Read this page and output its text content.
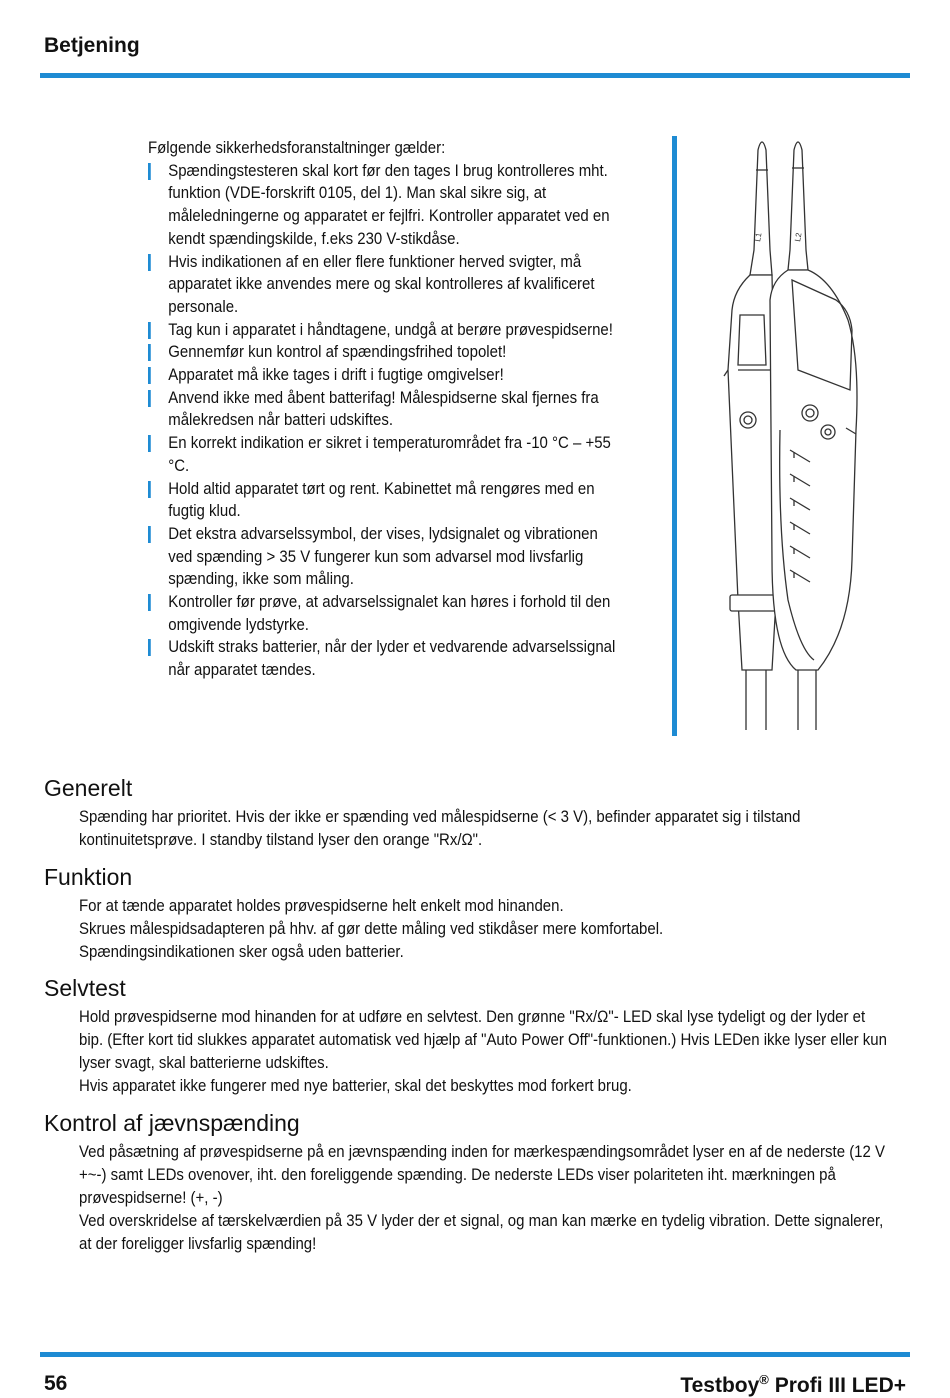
Betjening

Følgende sikkerhedsforanstaltninger gælder:

Spændingstesteren skal kort før den tages I brug kontrolleres mht. funktion (VDE-forskrift 0105, del 1). Man skal sikre sig, at måleledningerne og apparatet er fejlfri. Kontroller apparatet ved en kendt spændingskilde, f.eks 230 V-stikdåse.
Hvis indikationen af en eller flere funktioner herved svigter, må apparatet ikke anvendes mere og skal kontrolleres af kvalificeret personale.
Tag kun i apparatet i håndtagene, undgå at berøre prøvespidserne!
Gennemfør kun kontrol af spændingsfrihed topolet!
Apparatet må ikke tages i drift i fugtige omgivelser!
Anvend ikke med åbent batterifag! Målespidserne skal fjernes fra målekredsen når batteri udskiftes.
En korrekt indikation er sikret i temperaturområdet fra -10 °C – +55 °C.
Hold altid apparatet tørt og rent. Kabinettet må rengøres med en fugtig klud.
Det ekstra advarselssymbol, der vises, lydsignalet og vibrationen ved spænding > 35 V fungerer kun som advarsel mod livsfarlig spænding, ikke som måling.
Kontroller før prøve, at advarselssignalet kan høres i forhold til den omgivende lydstyrke.
Udskift straks batterier, når der lyder et vedvarende advarselssignal når apparatet tændes.
L1	L2
Generelt

Spænding har prioritet. Hvis der ikke er spænding ved målespidserne (< 3 V), befinder apparatet sig i tilstand kontinuitetsprøve. I standby tilstand lyser den orange "Rx/Ω".

Funktion

For at tænde apparatet holdes prøvespidserne helt enkelt mod hinanden.

Skrues målespidsadapteren på hhv. af gør dette måling ved stikdåser mere komfortabel.

Spændingsindikationen sker også uden batterier.

Selvtest

Hold prøvespidserne mod hinanden for at udføre en selvtest. Den grønne "Rx/Ω"- LED skal lyse tydeligt og der lyder et bip. (Efter kort tid slukkes apparatet automatisk ved hjælp af "Auto Power Off"-funktionen.) Hvis LEDen ikke lyser eller kun lyser svagt, skal batterierne udskiftes.

Hvis apparatet ikke fungerer med nye batterier, skal det beskyttes mod forkert brug.

Kontrol af jævnspænding

Ved påsætning af prøvespidserne på en jævnspænding inden for mærkespændingsområdet lyser en af de nederste (12 V +~-) samt LEDs ovenover, iht. den foreliggende spænding. De nederste LEDs viser polariteten iht. mærkningen på prøvespidserne! (+, -)

Ved overskridelse af tærskelværdien på 35 V lyder der et signal, og man kan mærke en tydelig vibration. Dette signalerer, at der foreligger livsfarlig spænding!

56	Testboy® Profi III LED+
